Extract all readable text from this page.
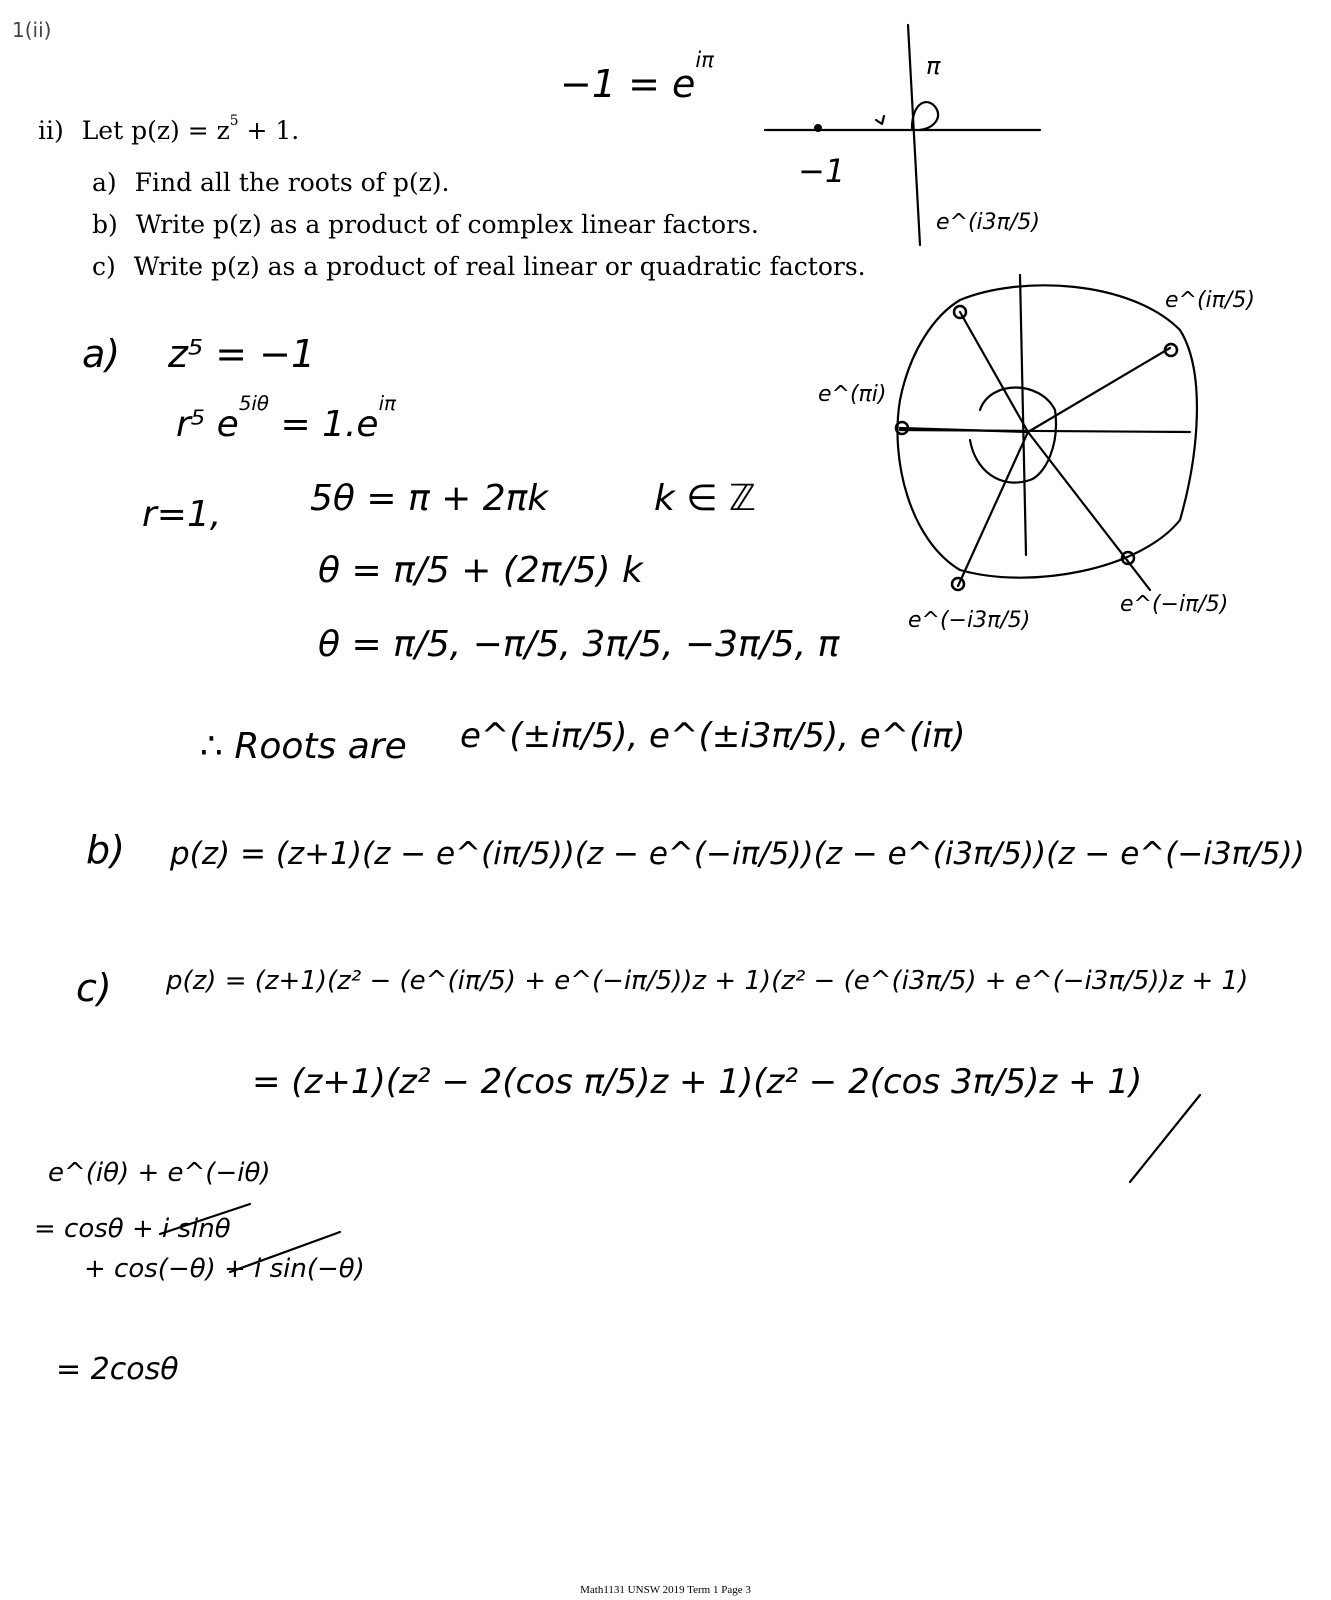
1(ii)
ii) Let $p(z) = z^5 + 1$.
a) Find all the roots of p(z).
b) Write p(z) as a product of complex linear factors.
c) Write p(z) as a product of real linear or quadratic factors.
$-1 = e^{i\pi}$	π
−1
e^(i3π/5)
e^(iπ/5)
e^(πi)
e^(−i3π/5)
e^(−iπ/5)
a) z⁵ = −1
r⁵ $e^{5i\theta} = 1.e^{i\pi}$
r=1, 5θ = π + 2πk	k ∈ ℤ
θ = π/5 + (2π/5) k
θ = π/5, −π/5, 3π/5, −3π/5, π
∴ Roots are e^(±iπ/5), e^(±i3π/5), e^(iπ)
b) p(z) = (z+1)(z − e^(iπ/5))(z − e^(−iπ/5))(z − e^(i3π/5))(z − e^(−i3π/5))
c) p(z) = (z+1)(z² − (e^(iπ/5) + e^(−iπ/5))z + 1)(z² − (e^(i3π/5) + e^(−i3π/5))z + 1)
= (z+1)(z² − 2(cos π/5)z + 1)(z² − 2(cos 3π/5)z + 1)
e^(iθ) + e^(−iθ)
= cosθ + i sinθ
+ cos(−θ) + i sin(−θ)
= 2cosθ
Math1131 UNSW 2019 Term 1 Page 3
